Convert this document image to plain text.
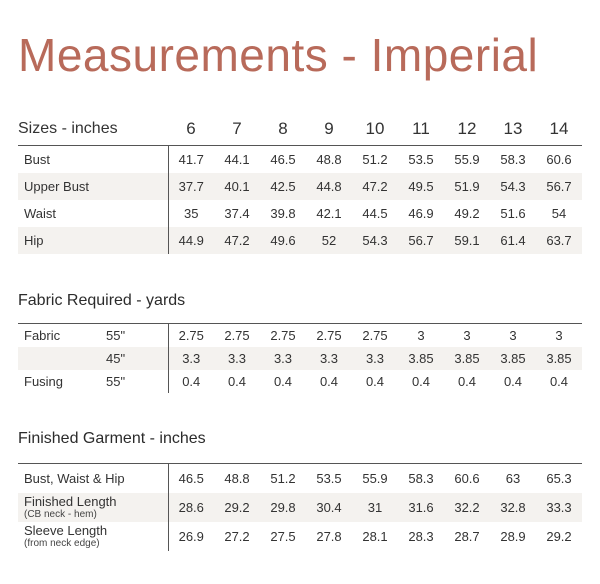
Measurements - Imperial
Sizes - inches	6	7	8	9	10	11	12	13	14
Bust	41.7	44.1	46.5	48.8	51.2	53.5	55.9	58.3	60.6
Upper Bust	37.7	40.1	42.5	44.8	47.2	49.5	51.9	54.3	56.7
Waist	35	37.4	39.8	42.1	44.5	46.9	49.2	51.6	54
Hip	44.9	47.2	49.6	52	54.3	56.7	59.1	61.4	63.7
Fabric Required - yards
Fabric	55"	2.75	2.75	2.75	2.75	2.75	3	3	3	3
	45"	3.3	3.3	3.3	3.3	3.3	3.85	3.85	3.85	3.85
Fusing	55"	0.4	0.4	0.4	0.4	0.4	0.4	0.4	0.4	0.4
Finished Garment - inches
Bust, Waist & Hip	46.5	48.8	51.2	53.5	55.9	58.3	60.6	63	65.3
Finished Length
(CB neck - hem)	28.6	29.2	29.8	30.4	31	31.6	32.2	32.8	33.3
Sleeve Length
(from neck edge)	26.9	27.2	27.5	27.8	28.1	28.3	28.7	28.9	29.2
